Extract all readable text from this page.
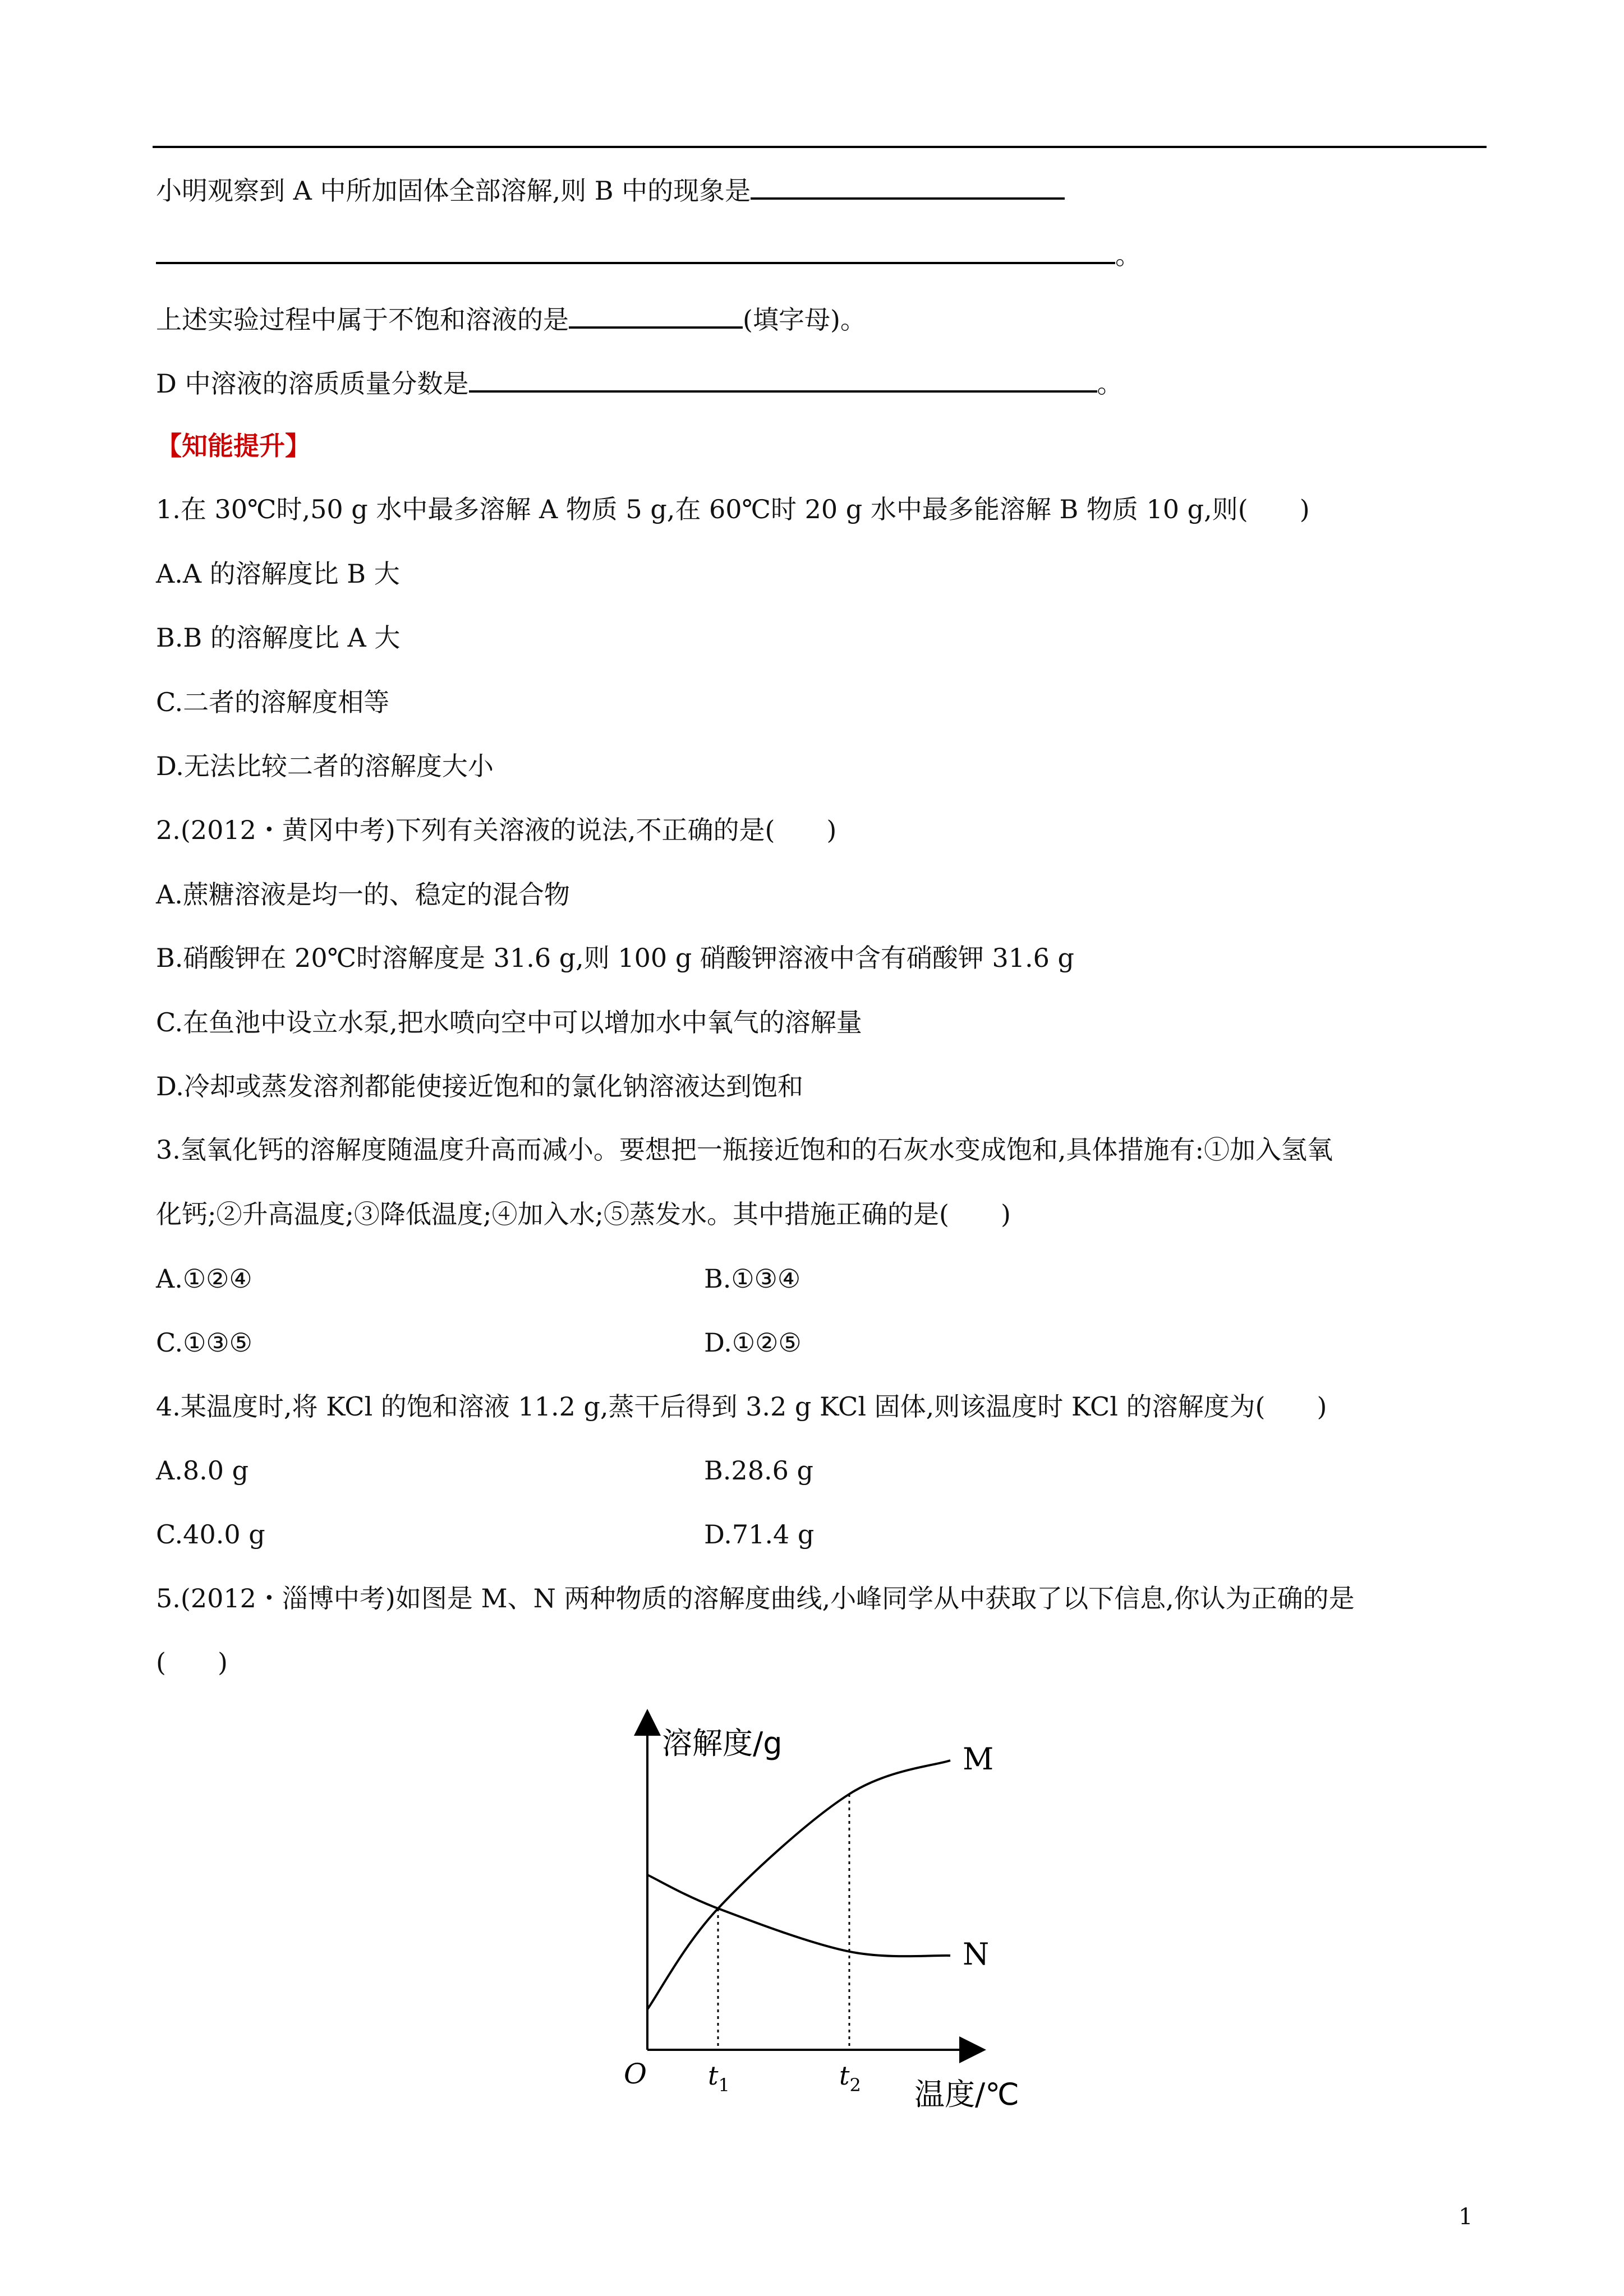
小明观察到 A 中所加固体全部溶解,则 B 中的现象是
。
上述实验过程中属于不饱和溶液的是	(填字母)。
D 中溶液的溶质质量分数是	。
【知能提升】
1.在 30℃时,50 g 水中最多溶解 A 物质 5 g,在 60℃时 20 g 水中最多能溶解 B 物质 10 g,则(　　)
A.A 的溶解度比 B 大
B.B 的溶解度比 A 大
C.二者的溶解度相等
D.无法比较二者的溶解度大小
2.(2012・黄冈中考)下列有关溶液的说法,不正确的是(　　)
A.蔗糖溶液是均一的、稳定的混合物
B.硝酸钾在 20℃时溶解度是 31.6 g,则 100 g 硝酸钾溶液中含有硝酸钾 31.6 g
C.在鱼池中设立水泵,把水喷向空中可以增加水中氧气的溶解量
D.冷却或蒸发溶剂都能使接近饱和的氯化钠溶液达到饱和
3.氢氧化钙的溶解度随温度升高而减小。要想把一瓶接近饱和的石灰水变成饱和,具体措施有:①加入氢氧
化钙;②升高温度;③降低温度;④加入水;⑤蒸发水。其中措施正确的是(　　)
A.①②④	B.①③④
C.①③⑤	D.①②⑤
4.某温度时,将 KCl 的饱和溶液 11.2 g,蒸干后得到 3.2 g KCl 固体,则该温度时 KCl 的溶解度为(　　)
A.8.0 g	B.28.6 g
C.40.0 g	D.71.4 g
5.(2012・淄博中考)如图是 M、N 两种物质的溶解度曲线,小峰同学从中获取了以下信息,你认为正确的是
(　　)
溶解度/g
温度/℃
O
M
N
$t_1$	$t_2$
1
